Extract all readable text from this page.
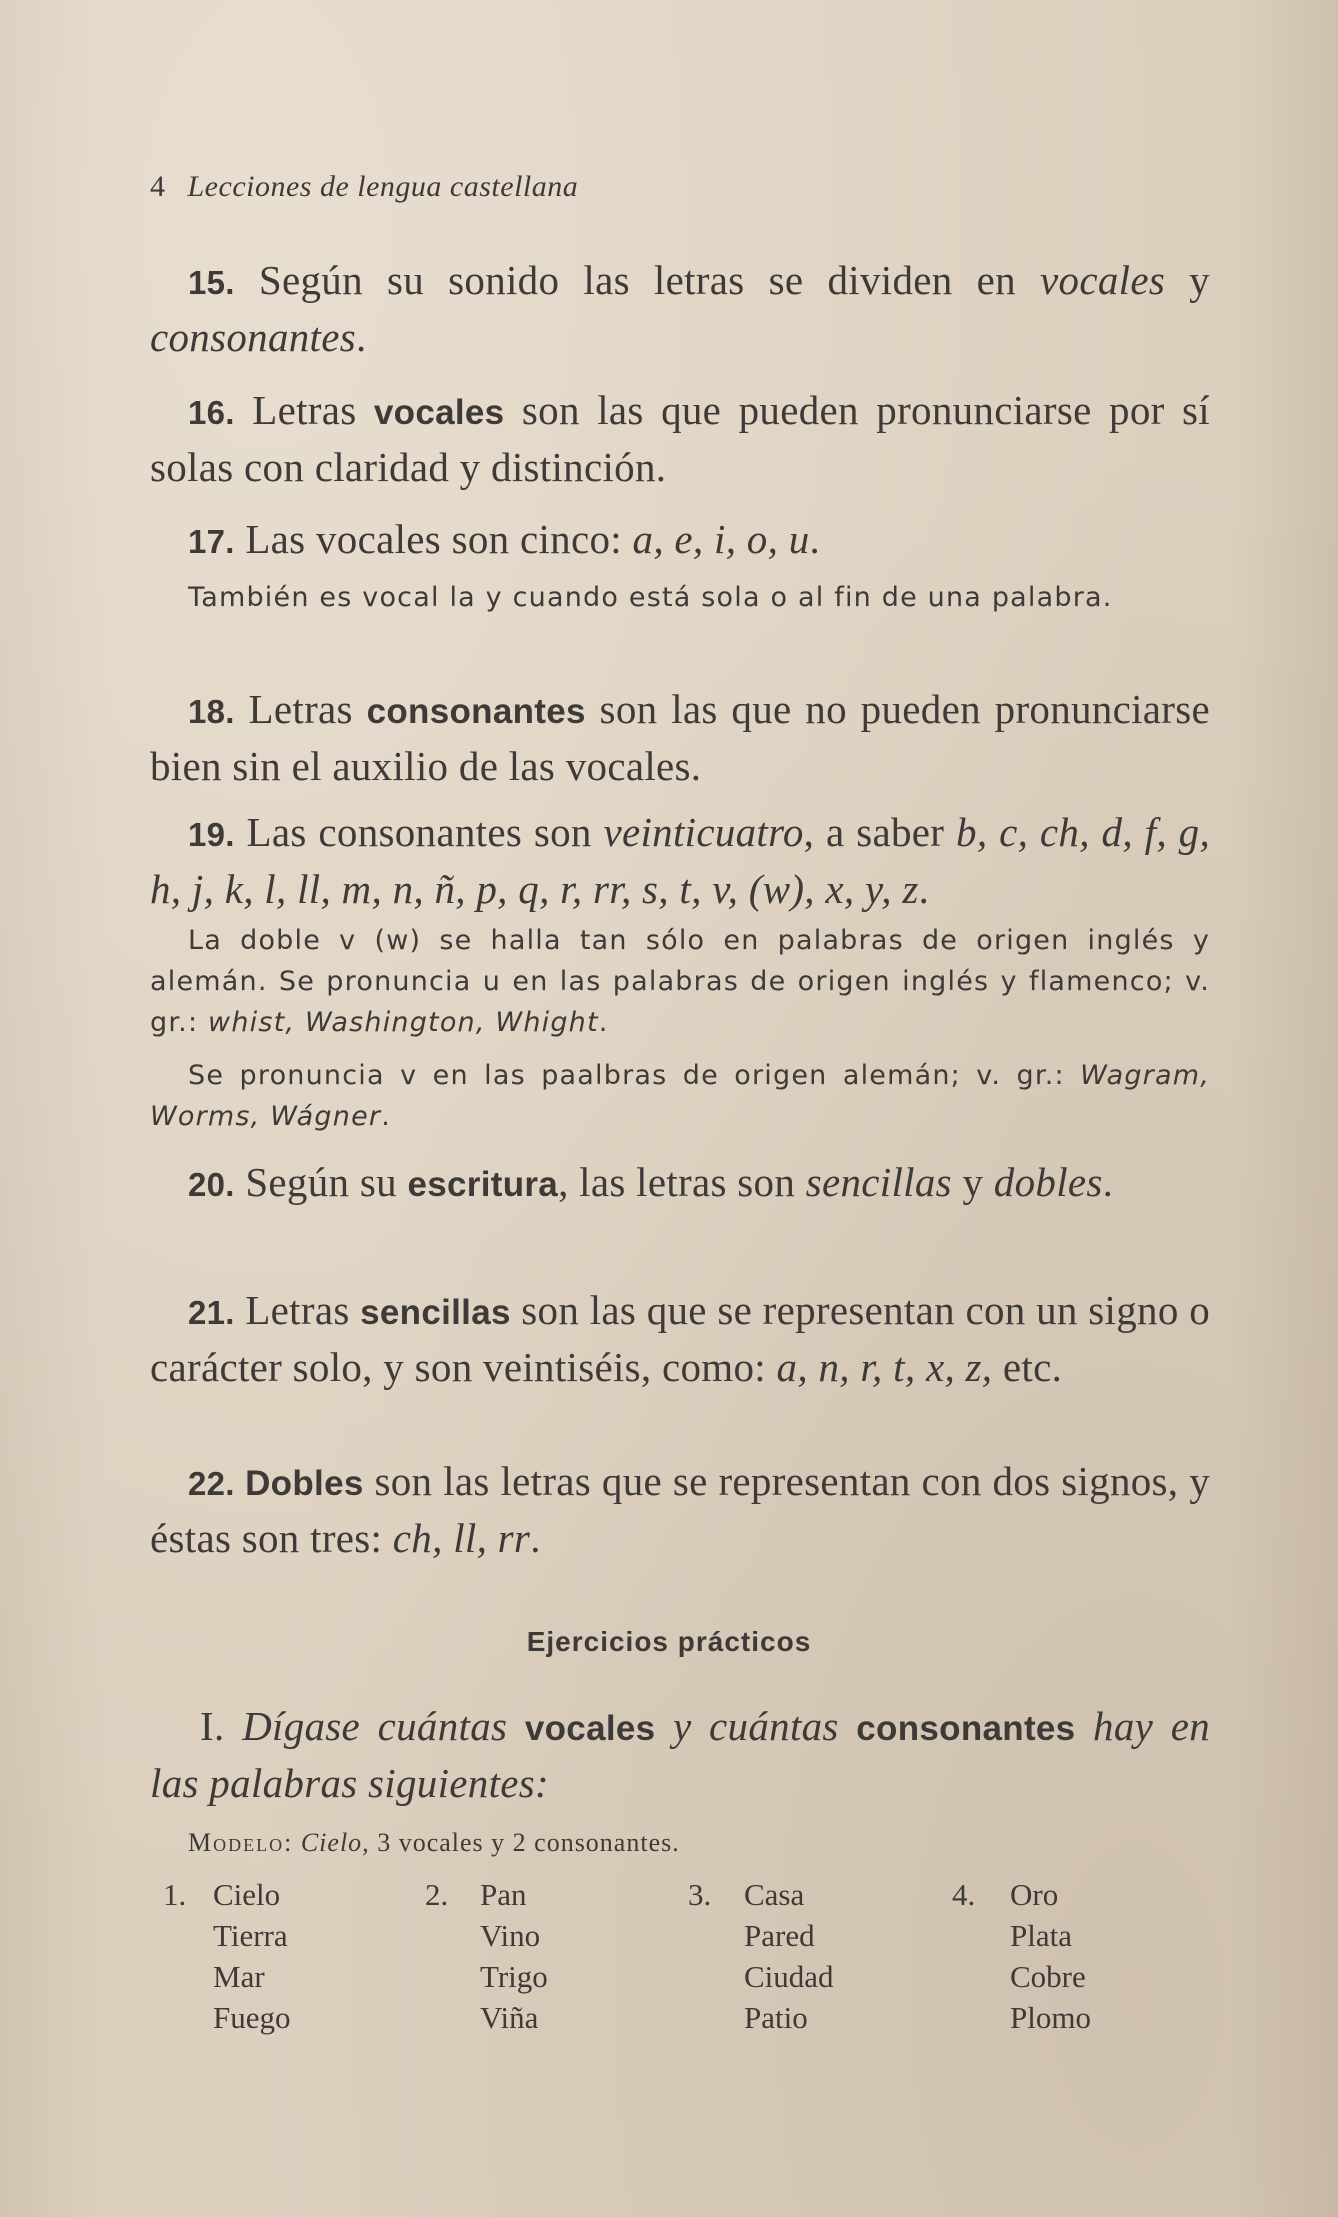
4 Lecciones de lengua castellana
15. Según su sonido las letras se dividen en vocales y consonantes.
16. Letras vocales son las que pueden pronunciarse por sí solas con claridad y distinción.
17. Las vocales son cinco: a, e, i, o, u.
También es vocal la y cuando está sola o al fin de una palabra.
18. Letras consonantes son las que no pueden pronunciarse bien sin el auxilio de las vocales.
19. Las consonantes son veinticuatro, a saber b, c, ch, d, f, g, h, j, k, l, ll, m, n, ñ, p, q, r, rr, s, t, v, (w), x, y, z.
La doble v (w) se halla tan sólo en palabras de origen inglés y alemán. Se pronuncia u en las palabras de origen inglés y flamenco; v. gr.: whist, Washington, Whight.
Se pronuncia v en las paalbras de origen alemán; v. gr.: Wagram, Worms, Wágner.
20. Según su escritura, las letras son sencillas y dobles.
21. Letras sencillas son las que se representan con un signo o carácter solo, y son veintiséis, como: a, n, r, t, x, z, etc.
22. Dobles son las letras que se representan con dos signos, y éstas son tres: ch, ll, rr.
Ejercicios prácticos
I. Dígase cuántas vocales y cuántas consonantes hay en las palabras siguientes:
Modelo: Cielo, 3 vocales y 2 consonantes.
1. Cielo
Tierra
Mar
Fuego
2. Pan
Vino
Trigo
Viña
3. Casa
Pared
Ciudad
Patio
4. Oro
Plata
Cobre
Plomo
